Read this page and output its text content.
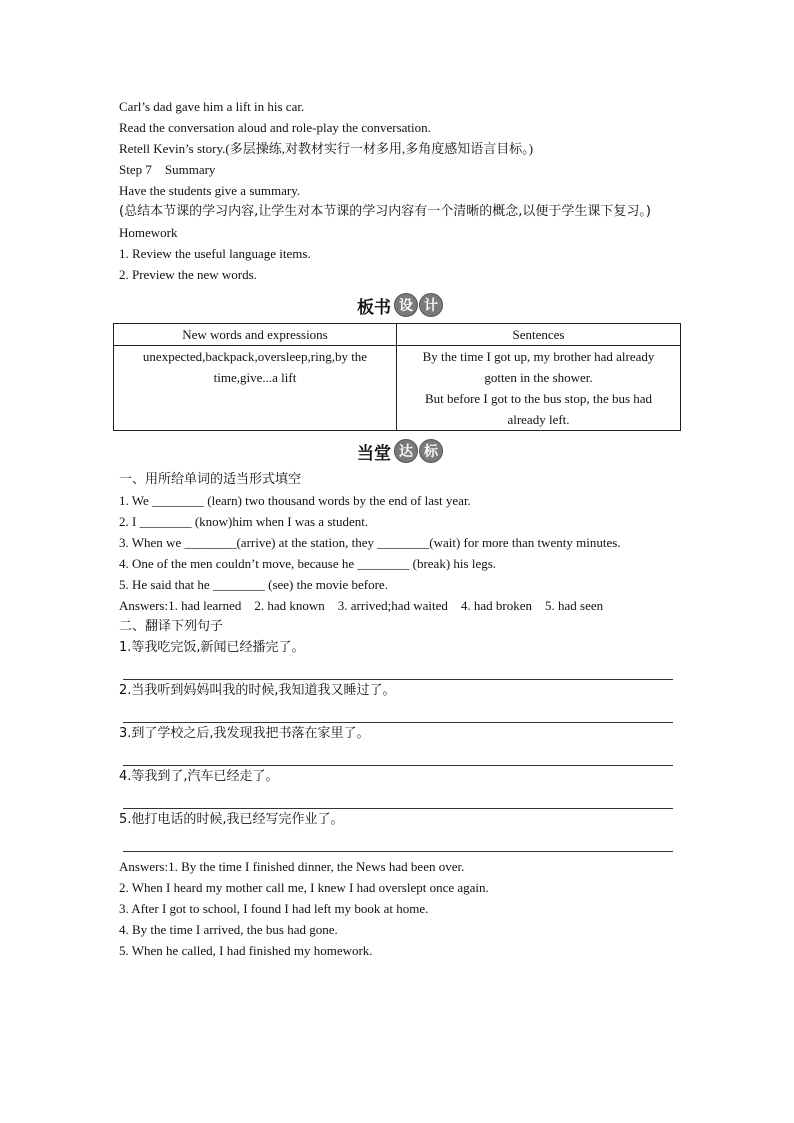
Carl’s dad gave him a lift in his car.
Read the conversation aloud and role-play the conversation.
Retell Kevin’s story.(多层操练,对教材实行一材多用,多角度感知语言目标。)
Step 7    Summary
Have the students give a summary.
(总结本节课的学习内容,让学生对本节课的学习内容有一个清晰的概念,以便于学生课下复习。)
Homework
1. Review the useful language items.
2. Preview the new words.
板书 设 计
New words and expressions	Sentences
unexpected,backpack,oversleep,ring,by the time,give...a lift	By the time I got up, my brother had already gotten in the shower.
But before I got to the bus stop, the bus had already left.
当堂 达 标
一、用所给单词的适当形式填空
1. We ________ (learn) two thousand words by the end of last year.
2. I ________ (know)him when I was a student.
3. When we ________(arrive) at the station, they ________(wait) for more than twenty minutes.
4. One of the men couldn’t move, because he ________ (break) his legs.
5. He said that he ________ (see) the movie before.
Answers:1. had learned    2. had known    3. arrived;had waited    4. had broken    5. had seen
二、翻译下列句子
1.等我吃完饭,新闻已经播完了。
2.当我听到妈妈叫我的时候,我知道我又睡过了。
3.到了学校之后,我发现我把书落在家里了。
4.等我到了,汽车已经走了。
5.他打电话的时候,我已经写完作业了。
Answers:1. By the time I finished dinner, the News had been over.
2. When I heard my mother call me, I knew I had overslept once again.
3. After I got to school, I found I had left my book at home.
4. By the time I arrived, the bus had gone.
5. When he called, I had finished my homework.
